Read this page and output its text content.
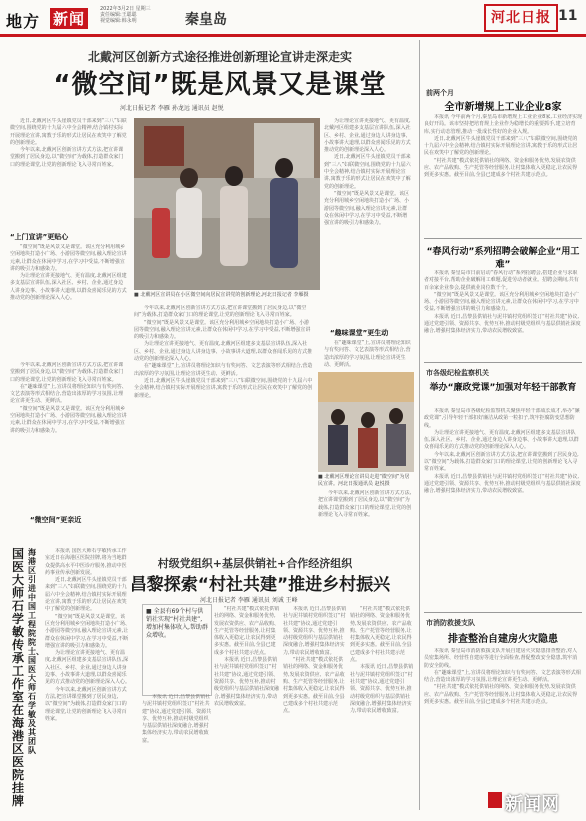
地方 新闻
2022年3月2日 星期三
责任编辑:王聪聪
视觉编辑:韩永明	秦皇岛	河北日报 11
北戴河区创新方式途径推进创新理论宣讲走深走实
“微空间”既是风景又是课堂
河北日报记者 李雁 孙龙远 通讯员 赵悦

近日,北戴河区牛头崖镇党员干部来到“三八”妇联微空间,围绕党的十九届六中全会精神,结合镇村实际开展理论宣讲,寓教于乐的形式让居民在欢笑中了解党的创新理论。

今年以来,北戴河区创新宣讲方式方法,把宣讲课堂搬到了居民身边,以“微空间”为载体,打造群众家门口的理论课堂,让党的创新理论飞入寻常百姓家。

“上门宣讲”更贴心

“微空间”既是风景又是课堂。该区充分利用城乡空闲地块打造小广场、小游园等微空间,融入理论宣讲元素,让群众在休闲中学习,在学习中受益,不断增强宣讲的吸引力和感染力。

为让理论宣讲更接地气、更有温度,北戴河区组建多支基层宣讲队伍,深入社区、乡村、企业,通过身边人讲身边事、小故事讲大道理,以群众喜闻乐见的方式推动党的创新理论深入人心。

今年以来,北戴河区创新宣讲方式方法,把宣讲课堂搬到了居民身边,以“微空间”为载体,打造群众家门口的理论课堂,让党的创新理论飞入寻常百姓家。

在“趣味课堂”上,宣讲员将理论知识与有奖问答、文艺表演等形式相结合,营造出浓厚的学习氛围,让理论宣讲更生动、更鲜活。

“微空间”既是风景又是课堂。该区充分利用城乡空闲地块打造小广场、小游园等微空间,融入理论宣讲元素,让群众在休闲中学习,在学习中受益,不断增强宣讲的吸引力和感染力。

“微空间”更亲近
■ 北戴河区宣讲员在小区微空间向居民宣讲党的创新理论,河北日报记者 李雁摄

为让理论宣讲更接地气、更有温度,北戴河区组建多支基层宣讲队伍,深入社区、乡村、企业,通过身边人讲身边事、小故事讲大道理,以群众喜闻乐见的方式推动党的创新理论深入人心。

近日,北戴河区牛头崖镇党员干部来到“三八”妇联微空间,围绕党的十九届六中全会精神,结合镇村实际开展理论宣讲,寓教于乐的形式让居民在欢笑中了解党的创新理论。

“微空间”既是风景又是课堂。该区充分利用城乡空闲地块打造小广场、小游园等微空间,融入理论宣讲元素,让群众在休闲中学习,在学习中受益,不断增强宣讲的吸引力和感染力。

“趣味课堂”更生动

在“趣味课堂”上,宣讲员将理论知识与有奖问答、文艺表演等形式相结合,营造出浓厚的学习氛围,让理论宣讲更生动、更鲜活。

■ 北戴河区理论宣讲员走进“微空间”为居民宣讲。河北日报通讯员 赵悦摄

今年以来,北戴河区创新宣讲方式方法,把宣讲课堂搬到了居民身边,以“微空间”为载体,打造群众家门口的理论课堂,让党的创新理论飞入寻常百姓家。

“微空间”既是风景又是课堂。该区充分利用城乡空闲地块打造小广场、小游园等微空间,融入理论宣讲元素,让群众在休闲中学习,在学习中受益,不断增强宣讲的吸引力和感染力。

为让理论宣讲更接地气、更有温度,北戴河区组建多支基层宣讲队伍,深入社区、乡村、企业,通过身边人讲身边事、小故事讲大道理,以群众喜闻乐见的方式推动党的创新理论深入人心。

在“趣味课堂”上,宣讲员将理论知识与有奖问答、文艺表演等形式相结合,营造出浓厚的学习氛围,让理论宣讲更生动、更鲜活。

近日,北戴河区牛头崖镇党员干部来到“三八”妇联微空间,围绕党的十九届六中全会精神,结合镇村实际开展理论宣讲,寓教于乐的形式让居民在欢笑中了解党的创新理论。

今年以来,北戴河区创新宣讲方式方法,把宣讲课堂搬到了居民身边,以“微空间”为载体,打造群众家门口的理论课堂,让党的创新理论飞入寻常百姓家。

国医大师石学敏传承工作室在海港区医院挂牌
海港区引进中国工程院院士、国医大师石学敏及其团队

本报讯 国医大师石学敏传承工作室近日在海港区医院挂牌,将为当地群众提供高水平中医诊疗服务,推动中医药事业传承创新发展。

近日,北戴河区牛头崖镇党员干部来到“三八”妇联微空间,围绕党的十九届六中全会精神,结合镇村实际开展理论宣讲,寓教于乐的形式让居民在欢笑中了解党的创新理论。

“微空间”既是风景又是课堂。该区充分利用城乡空闲地块打造小广场、小游园等微空间,融入理论宣讲元素,让群众在休闲中学习,在学习中受益,不断增强宣讲的吸引力和感染力。

为让理论宣讲更接地气、更有温度,北戴河区组建多支基层宣讲队伍,深入社区、乡村、企业,通过身边人讲身边事、小故事讲大道理,以群众喜闻乐见的方式推动党的创新理论深入人心。

今年以来,北戴河区创新宣讲方式方法,把宣讲课堂搬到了居民身边,以“微空间”为载体,打造群众家门口的理论课堂,让党的创新理论飞入寻常百姓家。

村级党组织+基层供销社+合作经济组织
昌黎探索“村社共建”推进乡村振兴
河北日报记者 李雁 通讯员 刘诚 王峰
■ 全县有69个村与供销社实现“村社共建”,增加村集体收入,帮助群众增收。

本报讯 近日,昌黎县供销社与泥井镇村党组织签订“村社共建”协议,通过党建引领、资源共享、优势互补,推动村级党组织与基层供销社深度融合,增强村集体经济实力,带动农民增收致富。

“村社共建”模式依托供销社的网络、资金和服务优势,发展农资供应、农产品收购、生产托管等经营服务,让村集体收入更稳定,让农民得到更多实惠。截至目前,全县已建成多个村社共建示范点。

本报讯 近日,昌黎县供销社与泥井镇村党组织签订“村社共建”协议,通过党建引领、资源共享、优势互补,推动村级党组织与基层供销社深度融合,增强村集体经济实力,带动农民增收致富。

本报讯 近日,昌黎县供销社与泥井镇村党组织签订“村社共建”协议,通过党建引领、资源共享、优势互补,推动村级党组织与基层供销社深度融合,增强村集体经济实力,带动农民增收致富。

“村社共建”模式依托供销社的网络、资金和服务优势,发展农资供应、农产品收购、生产托管等经营服务,让村集体收入更稳定,让农民得到更多实惠。截至目前,全县已建成多个村社共建示范点。

“村社共建”模式依托供销社的网络、资金和服务优势,发展农资供应、农产品收购、生产托管等经营服务,让村集体收入更稳定,让农民得到更多实惠。截至目前,全县已建成多个村社共建示范点。

本报讯 近日,昌黎县供销社与泥井镇村党组织签订“村社共建”协议,通过党建引领、资源共享、优势互补,推动村级党组织与基层供销社深度融合,增强村集体经济实力,带动农民增收致富。

前两个月
全市新增规上工业企业8家

本报讯 今年前两个月,秦皇岛市新增规上工业企业8家,工业经济实现良好开局。该市坚持把培育规上企业作为稳增长的重要抓手,建立培育库,实行动态管理,推动一批成长性好的企业入规。

近日,北戴河区牛头崖镇党员干部来到“三八”妇联微空间,围绕党的十九届六中全会精神,结合镇村实际开展理论宣讲,寓教于乐的形式让居民在欢笑中了解党的创新理论。

“村社共建”模式依托供销社的网络、资金和服务优势,发展农资供应、农产品收购、生产托管等经营服务,让村集体收入更稳定,让农民得到更多实惠。截至目前,全县已建成多个村社共建示范点。

“春风行动”系列招聘会破解企业“用工难”

本报讯 秦皇岛市日前启动“春风行动”系列招聘会,搭建企业与求职者对接平台,帮助企业破解用工难题,促进劳动者就业。招聘会期间,共有百余家企业参会,提供就业岗位数千个。

“微空间”既是风景又是课堂。该区充分利用城乡空闲地块打造小广场、小游园等微空间,融入理论宣讲元素,让群众在休闲中学习,在学习中受益,不断增强宣讲的吸引力和感染力。

本报讯 近日,昌黎县供销社与泥井镇村党组织签订“村社共建”协议,通过党建引领、资源共享、优势互补,推动村级党组织与基层供销社深度融合,增强村集体经济实力,带动农民增收致富。

市各级纪检监察机关
举办“廉政党课”加强对年轻干部教育

本报讯 秦皇岛市各级纪检监察机关聚焦年轻干部成长成才,举办“廉政党课”,引导年轻干部扣好廉洁从政第一粒扣子,筑牢拒腐防变思想防线。

为让理论宣讲更接地气、更有温度,北戴河区组建多支基层宣讲队伍,深入社区、乡村、企业,通过身边人讲身边事、小故事讲大道理,以群众喜闻乐见的方式推动党的创新理论深入人心。

今年以来,北戴河区创新宣讲方式方法,把宣讲课堂搬到了居民身边,以“微空间”为载体,打造群众家门口的理论课堂,让党的创新理论飞入寻常百姓家。

本报讯 近日,昌黎县供销社与泥井镇村党组织签订“村社共建”协议,通过党建引领、资源共享、优势互补,推动村级党组织与基层供销社深度融合,增强村集体经济实力,带动农民增收致富。

市消防救援支队
排查整治自建房火灾隐患

本报讯 秦皇岛市消防救援支队开展自建房火灾隐患排查整治,对人员密集场所、经营性自建房等进行全面检查,督促整改安全隐患,筑牢消防安全防线。

在“趣味课堂”上,宣讲员将理论知识与有奖问答、文艺表演等形式相结合,营造出浓厚的学习氛围,让理论宣讲更生动、更鲜活。

“村社共建”模式依托供销社的网络、资金和服务优势,发展农资供应、农产品收购、生产托管等经营服务,让村集体收入更稳定,让农民得到更多实惠。截至目前,全县已建成多个村社共建示范点。

新闻网
